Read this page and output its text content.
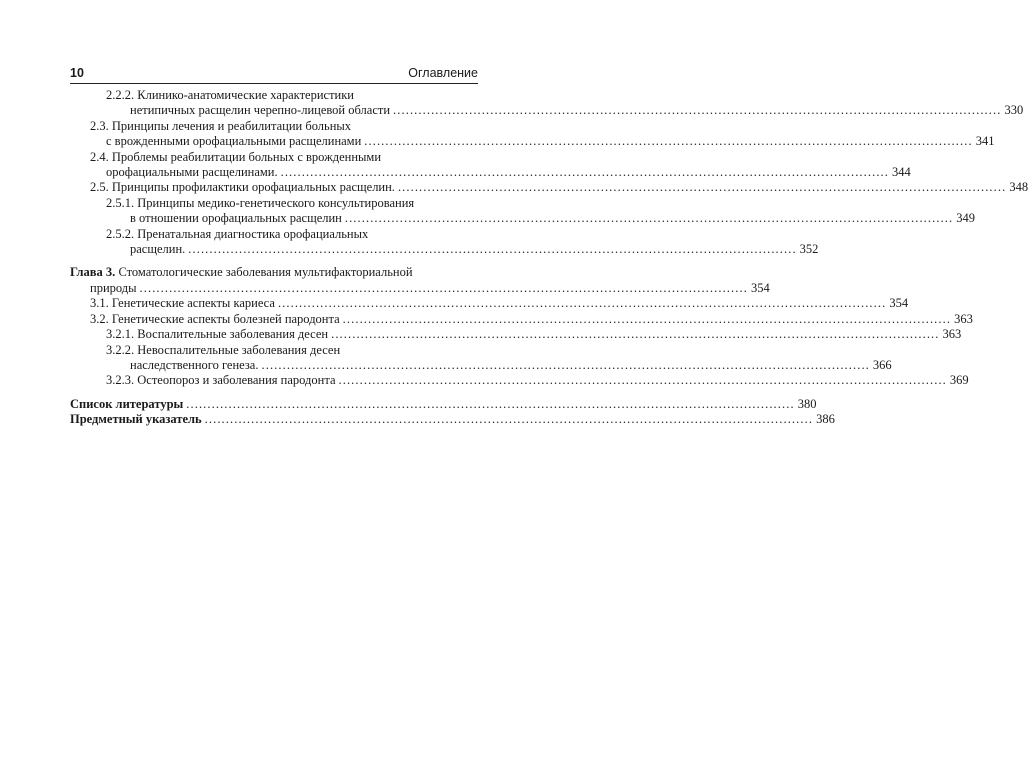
10	Оглавление
2.2.2. Клинико-анатомические характеристики
нетипичных расщелин черепно-лицевой области ................................................................................................................................................ 330
2.3. Принципы лечения и реабилитации больных
с врожденными орофациальными расщелинами ................................................................................................................................................ 341
2.4. Проблемы реабилитации больных с врожденными
орофациальными расщелинами. ................................................................................................................................................ 344
2.5. Принципы профилактики орофациальных расщелин. ................................................................................................................................................ 348
2.5.1. Принципы медико-генетического консультирования
в отношении орофациальных расщелин ................................................................................................................................................ 349
2.5.2. Пренатальная диагностика орофациальных
расщелин. ................................................................................................................................................ 352
Глава 3. Стоматологические заболевания мультифакториальной
природы ................................................................................................................................................ 354
3.1. Генетические аспекты кариеса ................................................................................................................................................ 354
3.2. Генетические аспекты болезней пародонта ................................................................................................................................................ 363
3.2.1. Воспалительные заболевания десен ................................................................................................................................................ 363
3.2.2. Невоспалительные заболевания десен
наследственного генеза. ................................................................................................................................................ 366
3.2.3. Остеопороз и заболевания пародонта ................................................................................................................................................ 369
Список литературы ................................................................................................................................................ 380
Предметный указатель ................................................................................................................................................ 386
